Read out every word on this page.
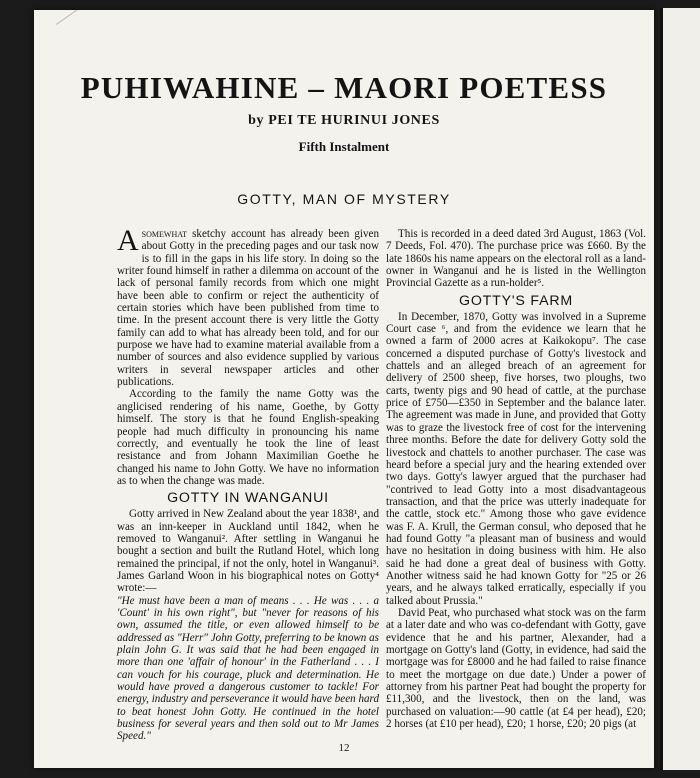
PUHIWAHINE – MAORI POETESS
by PEI TE HURINUI JONES
Fifth Instalment
GOTTY, MAN OF MYSTERY

Asomewhat sketchy account has already been given about Gotty in the preceding pages and our task now is to fill in the gaps in his life story. In doing so the writer found himself in rather a dilemma on account of the lack of personal family records from which one might have been able to confirm or reject the authenticity of certain stories which have been published from time to time. In the present account there is very little the Gotty family can add to what has already been told, and for our purpose we have had to examine material available from a number of sources and also evidence supplied by various writers in several newspaper articles and other publications.

According to the family the name Gotty was the anglicised rendering of his name, Goethe, by Gotty himself. The story is that he found English-speaking people had much difficulty in pronouncing his name correctly, and eventually he took the line of least resistance and from Johann Maximilian Goethe he changed his name to John Gotty. We have no information as to when the change was made.

GOTTY IN WANGANUI

Gotty arrived in New Zealand about the year 1838¹, and was an inn-keeper in Auckland until 1842, when he removed to Wanganui². After settling in Wanganui he bought a section and built the Rutland Hotel, which long remained the principal, if not the only, hotel in Wanganui³. James Garland Woon in his biographical notes on Gotty⁴ wrote:—

"He must have been a man of means . . . He was . . . a 'Count' in his own right", but "never for reasons of his own, assumed the title, or even allowed himself to be addressed as "Herr" John Gotty, preferring to be known as plain John G. It was said that he had been engaged in more than one 'affair of honour' in the Fatherland . . . I can vouch for his courage, pluck and determination. He would have proved a dangerous customer to tackle! For energy, industry and perseverance it would have been hard to beat honest John Gotty. He continued in the hotel business for several years and then sold out to Mr James Speed."

This is recorded in a deed dated 3rd August, 1863 (Vol. 7 Deeds, Fol. 470). The purchase price was £660. By the late 1860s his name appears on the electoral roll as a land-owner in Wanganui and he is listed in the Wellington Provincial Gazette as a run-holder⁵.

GOTTY'S FARM

In December, 1870, Gotty was involved in a Supreme Court case ⁶, and from the evidence we learn that he owned a farm of 2000 acres at Kaikokopu⁷. The case concerned a disputed purchase of Gotty's livestock and chattels and an alleged breach of an agreement for delivery of 2500 sheep, five horses, two ploughs, two carts, twenty pigs and 90 head of cattle, at the purchase price of £750—£350 in September and the balance later. The agreement was made in June, and provided that Gotty was to graze the livestock free of cost for the intervening three months. Before the date for delivery Gotty sold the livestock and chattels to another purchaser. The case was heard before a special jury and the hearing extended over two days. Gotty's lawyer argued that the purchaser had "contrived to lead Gotty into a most disadvantageous transaction, and that the price was utterly inadequate for the cattle, stock etc." Among those who gave evidence was F. A. Krull, the German consul, who deposed that he had found Gotty "a pleasant man of business and would have no hesitation in doing business with him. He also said he had done a great deal of business with Gotty. Another witness said he had known Gotty for "25 or 26 years, and he always talked erratically, especially if you talked about Prussia."

David Peat, who purchased what stock was on the farm at a later date and who was co-defendant with Gotty, gave evidence that he and his partner, Alexander, had a mortgage on Gotty's land (Gotty, in evidence, had said the mortgage was for £8000 and he had failed to raise finance to meet the mortgage on due date.) Under a power of attorney from his partner Peat had bought the property for £11,300, and the livestock, then on the land, was purchased on valuation:—90 cattle (at £4 per head), £20; 2 horses (at £10 per head), £20; 1 horse, £20; 20 pigs (at

12
